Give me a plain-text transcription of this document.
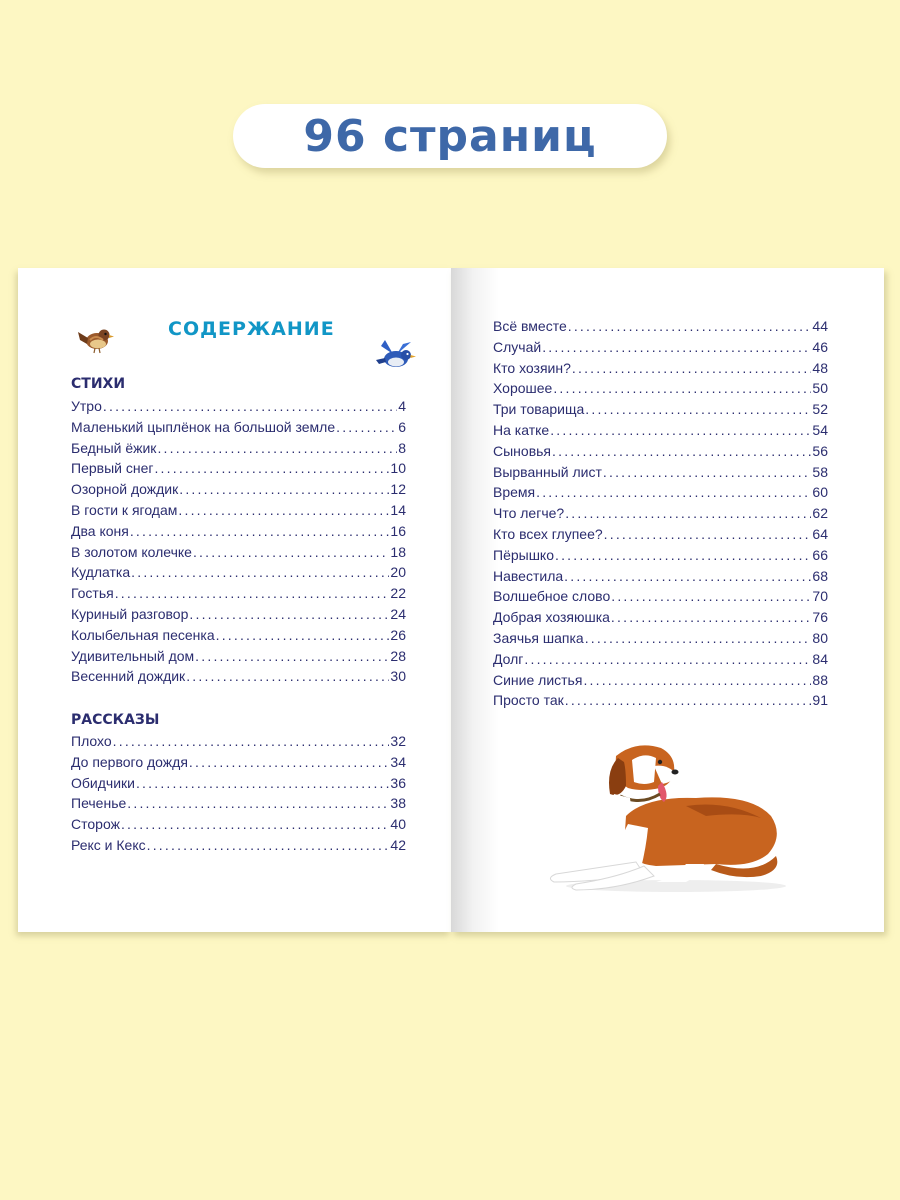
96 страниц
СОДЕРЖАНИЕ
СТИХИ
Утро .....	4
Маленький цыплёнок на большой земле .....	6
Бедный ёжик .....	8
Первый снег .....	10
Озорной дождик .....	12
В гости к ягодам .....	14
Два коня .....	16
В золотом колечке .....	18
Кудлатка .....	20
Гостья .....	22
Куриный разговор .....	24
Колыбельная песенка .....	26
Удивительный дом .....	28
Весенний дождик .....	30
РАССКАЗЫ
Плохо .....	32
До первого дождя .....	34
Обидчики .....	36
Печенье .....	38
Сторож .....	40
Рекс и Кекс .....	42
Всё вместе .....	44
Случай .....	46
Кто хозяин? .....	48
Хорошее .....	50
Три товарища .....	52
На катке .....	54
Сыновья .....	56
Вырванный лист .....	58
Время .....	60
Что легче? .....	62
Кто всех глупее? .....	64
Пёрышко .....	66
Навестила .....	68
Волшебное слово .....	70
Добрая хозяюшка .....	76
Заячья шапка .....	80
Долг .....	84
Синие листья .....	88
Просто так .....	91
